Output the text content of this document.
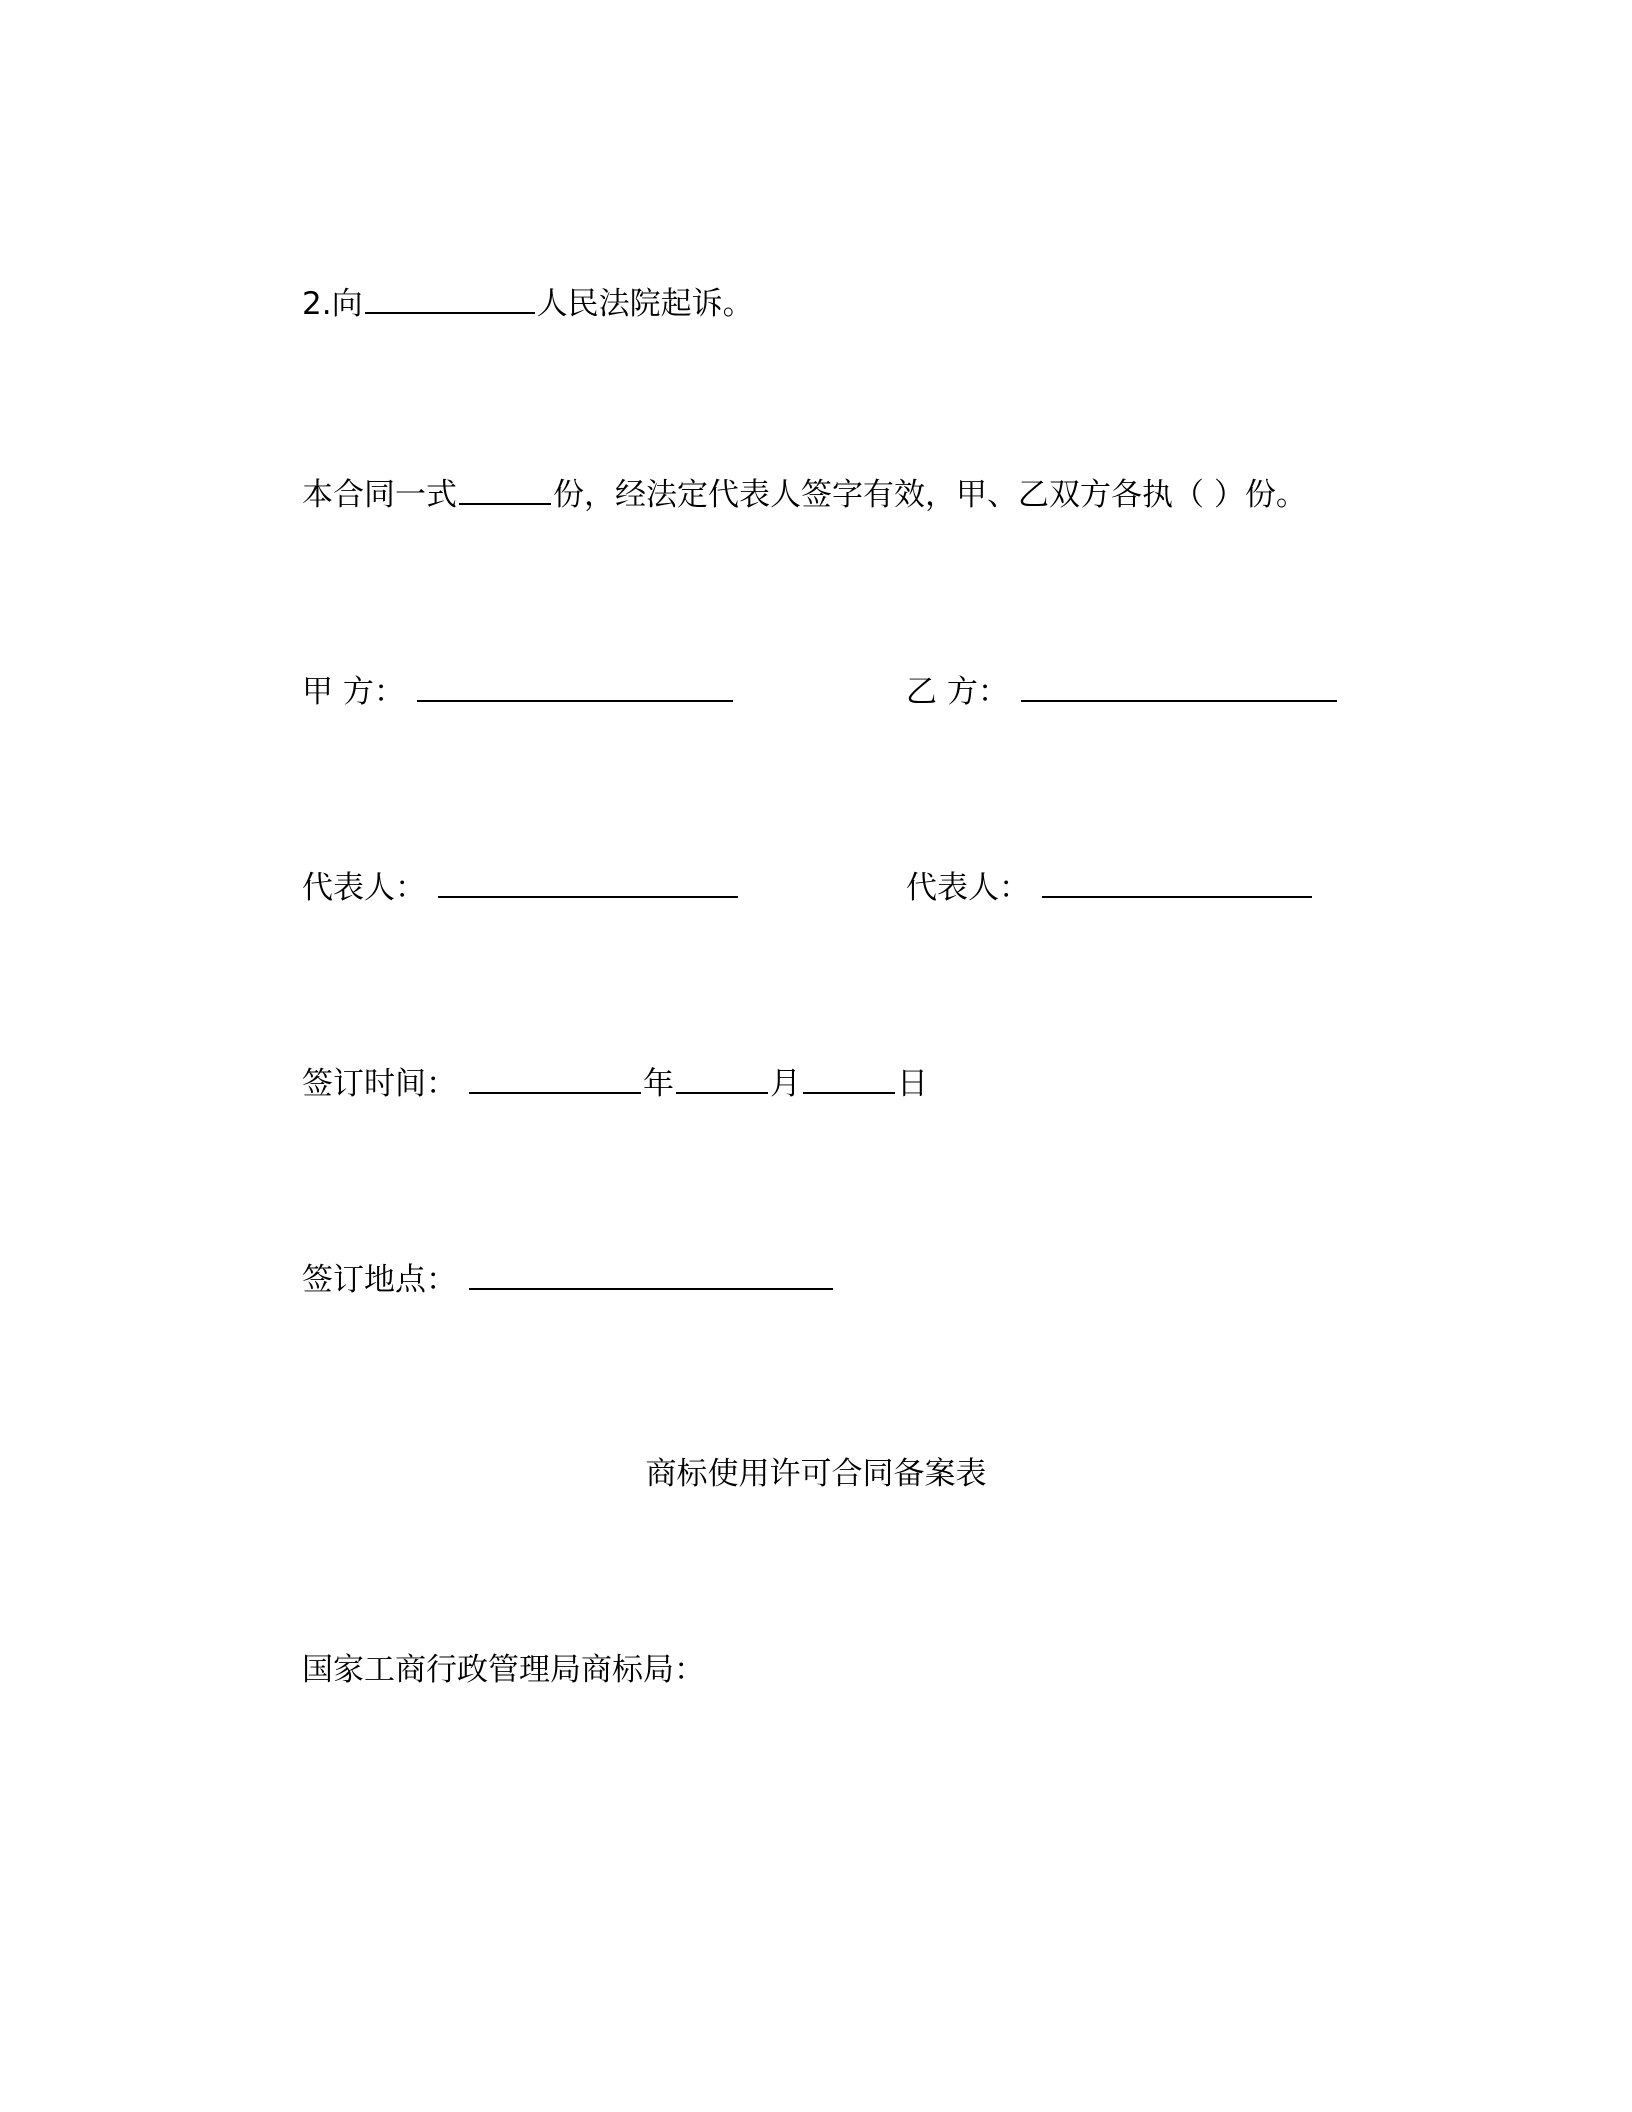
2.向	人民法院起诉。
本合同一式	份，经法定代表人签字有效，甲、乙双方各执（ ）份。
甲 方：	乙 方：
代表人：	代表人：
签订时间：	年	月	日
签订地点：
商标使用许可合同备案表
国家工商行政管理局商标局：
